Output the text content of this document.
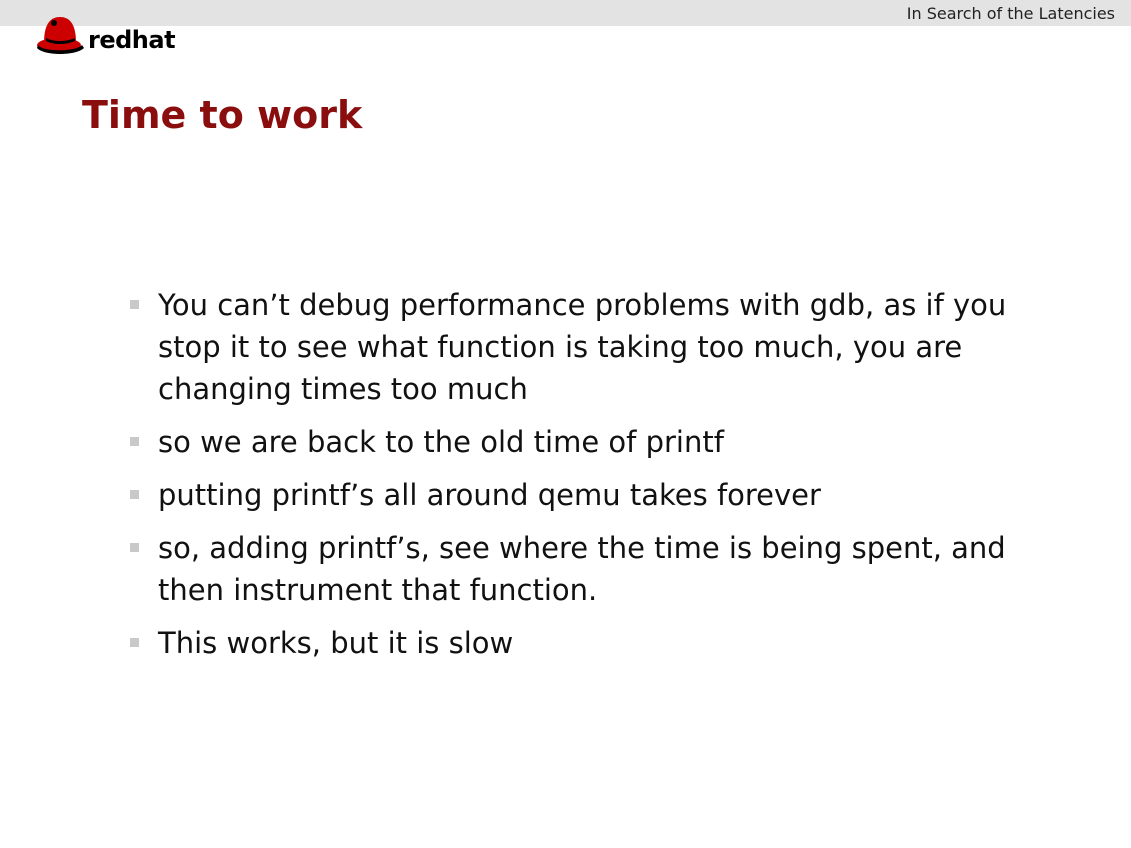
In Search of the Latencies
redhat
Time to work
You can’t debug performance problems with gdb, as if you stop it to see what function is taking too much, you are changing times too much
so we are back to the old time of printf
putting printf’s all around qemu takes forever
so, adding printf’s, see where the time is being spent, and then instrument that function.
This works, but it is slow
